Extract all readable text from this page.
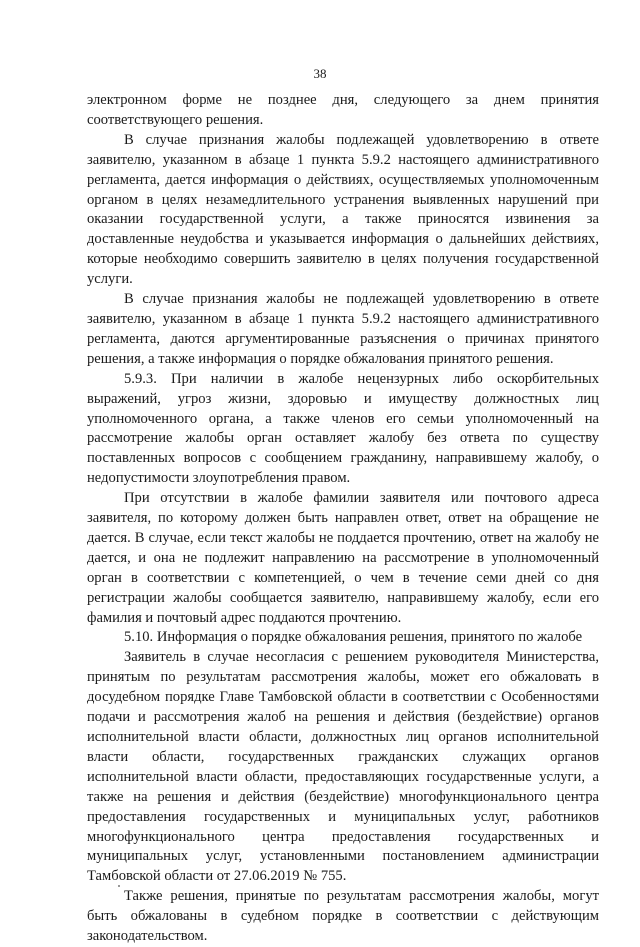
38

электронном форме не позднее дня, следующего за днем принятия соответствующего решения.

В случае признания жалобы подлежащей удовлетворению в ответе заявителю, указанном в абзаце 1 пункта 5.9.2 настоящего административного регламента, дается информация о действиях, осуществляемых уполномоченным органом в целях незамедлительного устранения выявленных нарушений при оказании государственной услуги, а также приносятся извинения за доставленные неудобства и указывается информация о дальнейших действиях, которые необходимо совершить заявителю в целях получения государственной услуги.

В случае признания жалобы не подлежащей удовлетворению в ответе заявителю, указанном в абзаце 1 пункта 5.9.2 настоящего административного регламента, даются аргументированные разъяснения о причинах принятого решения, а также информация о порядке обжалования принятого решения.

5.9.3. При наличии в жалобе нецензурных либо оскорбительных выражений, угроз жизни, здоровью и имуществу должностных лиц уполномоченного органа, а также членов его семьи уполномоченный на рассмотрение жалобы орган оставляет жалобу без ответа по существу поставленных вопросов с сообщением гражданину, направившему жалобу, о недопустимости злоупотребления правом.

При отсутствии в жалобе фамилии заявителя или почтового адреса заявителя, по которому должен быть направлен ответ, ответ на обращение не дается. В случае, если текст жалобы не поддается прочтению, ответ на жалобу не дается, и она не подлежит направлению на рассмотрение в уполномоченный орган в соответствии с компетенцией, о чем в течение семи дней со дня регистрации жалобы сообщается заявителю, направившему жалобу, если его фамилия и почтовый адрес поддаются прочтению.

5.10. Информация о порядке обжалования решения, принятого по жалобе

Заявитель в случае несогласия с решением руководителя Министерства, принятым по результатам рассмотрения жалобы, может его обжаловать в досудебном порядке Главе Тамбовской области в соответствии с Особенностями подачи и рассмотрения жалоб на решения и действия (бездействие) органов исполнительной власти области, должностных лиц органов исполнительной власти области, государственных гражданских служащих органов исполнительной власти области, предоставляющих государственные услуги, а также на решения и действия (бездействие) многофункционального центра предоставления государственных и муниципальных услуг, работников многофункционального центра предоставления государственных и муниципальных услуг, установленными постановлением администрации Тамбовской области от 27.06.2019 № 755.

Также решения, принятые по результатам рассмотрения жалобы, могут быть обжалованы в судебном порядке в соответствии с действующим законодательством.
